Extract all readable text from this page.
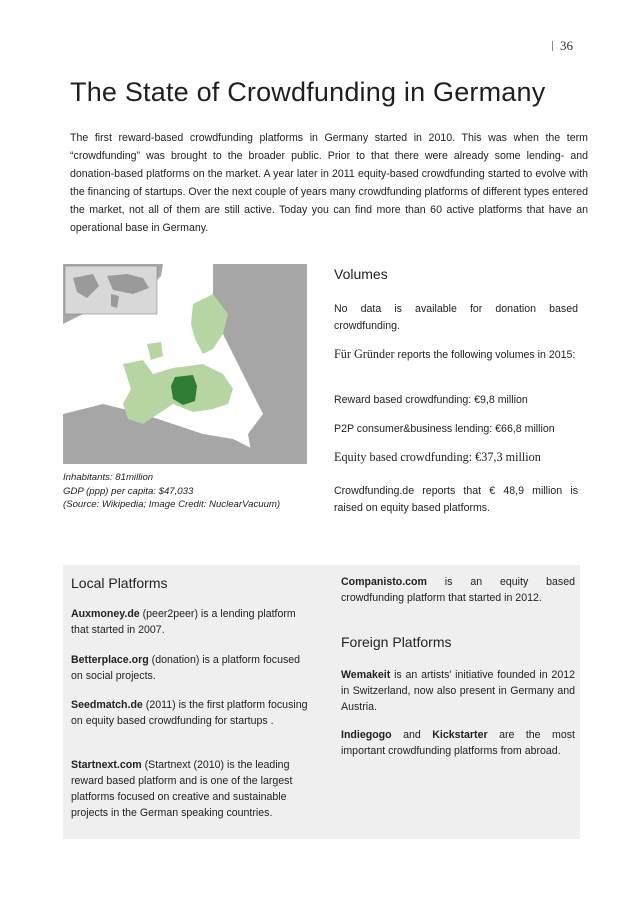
36
The State of Crowdfunding in Germany
The first reward-based crowdfunding platforms in Germany started in 2010. This was when the term “crowdfunding” was brought to the broader public. Prior to that there were already some lending- and donation-based platforms on the market. A year later in 2011 equity-based crowdfunding started to evolve with the financing of startups. Over the next couple of years many crowdfunding platforms of different types entered the market, not all of them are still active. Today you can find more than 60 active platforms that have an operational base in Germany.
Inhabitants: 81million
GDP (ppp) per capita: $47,033
(Source: Wikipedia; Image Credit: NuclearVacuum)
Volumes
No data is available for donation based crowdfunding.
Für Gründer reports the following volumes in 2015:
Reward based crowdfunding: €9,8 million
P2P consumer&business lending: €66,8 million
Equity based crowdfunding: €37,3 million
Crowdfunding.de reports that € 48,9 million is raised on equity based platforms.
Local Platforms
Auxmoney.de (peer2peer) is a lending platform that started in 2007.
Betterplace.org (donation) is a platform focused on social projects.
Seedmatch.de (2011) is the first platform focusing on equity based crowdfunding for startups .
Startnext.com (Startnext (2010) is the leading reward based platform and is one of the largest platforms focused on creative and sustainable projects in the German speaking countries.
Companisto.com is an equity based crowdfunding platform that started in 2012.
Foreign Platforms
Wemakeit is an artists’ initiative founded in 2012 in Switzerland, now also present in Germany and Austria.
Indiegogo and Kickstarter are the most important crowdfunding platforms from abroad.
